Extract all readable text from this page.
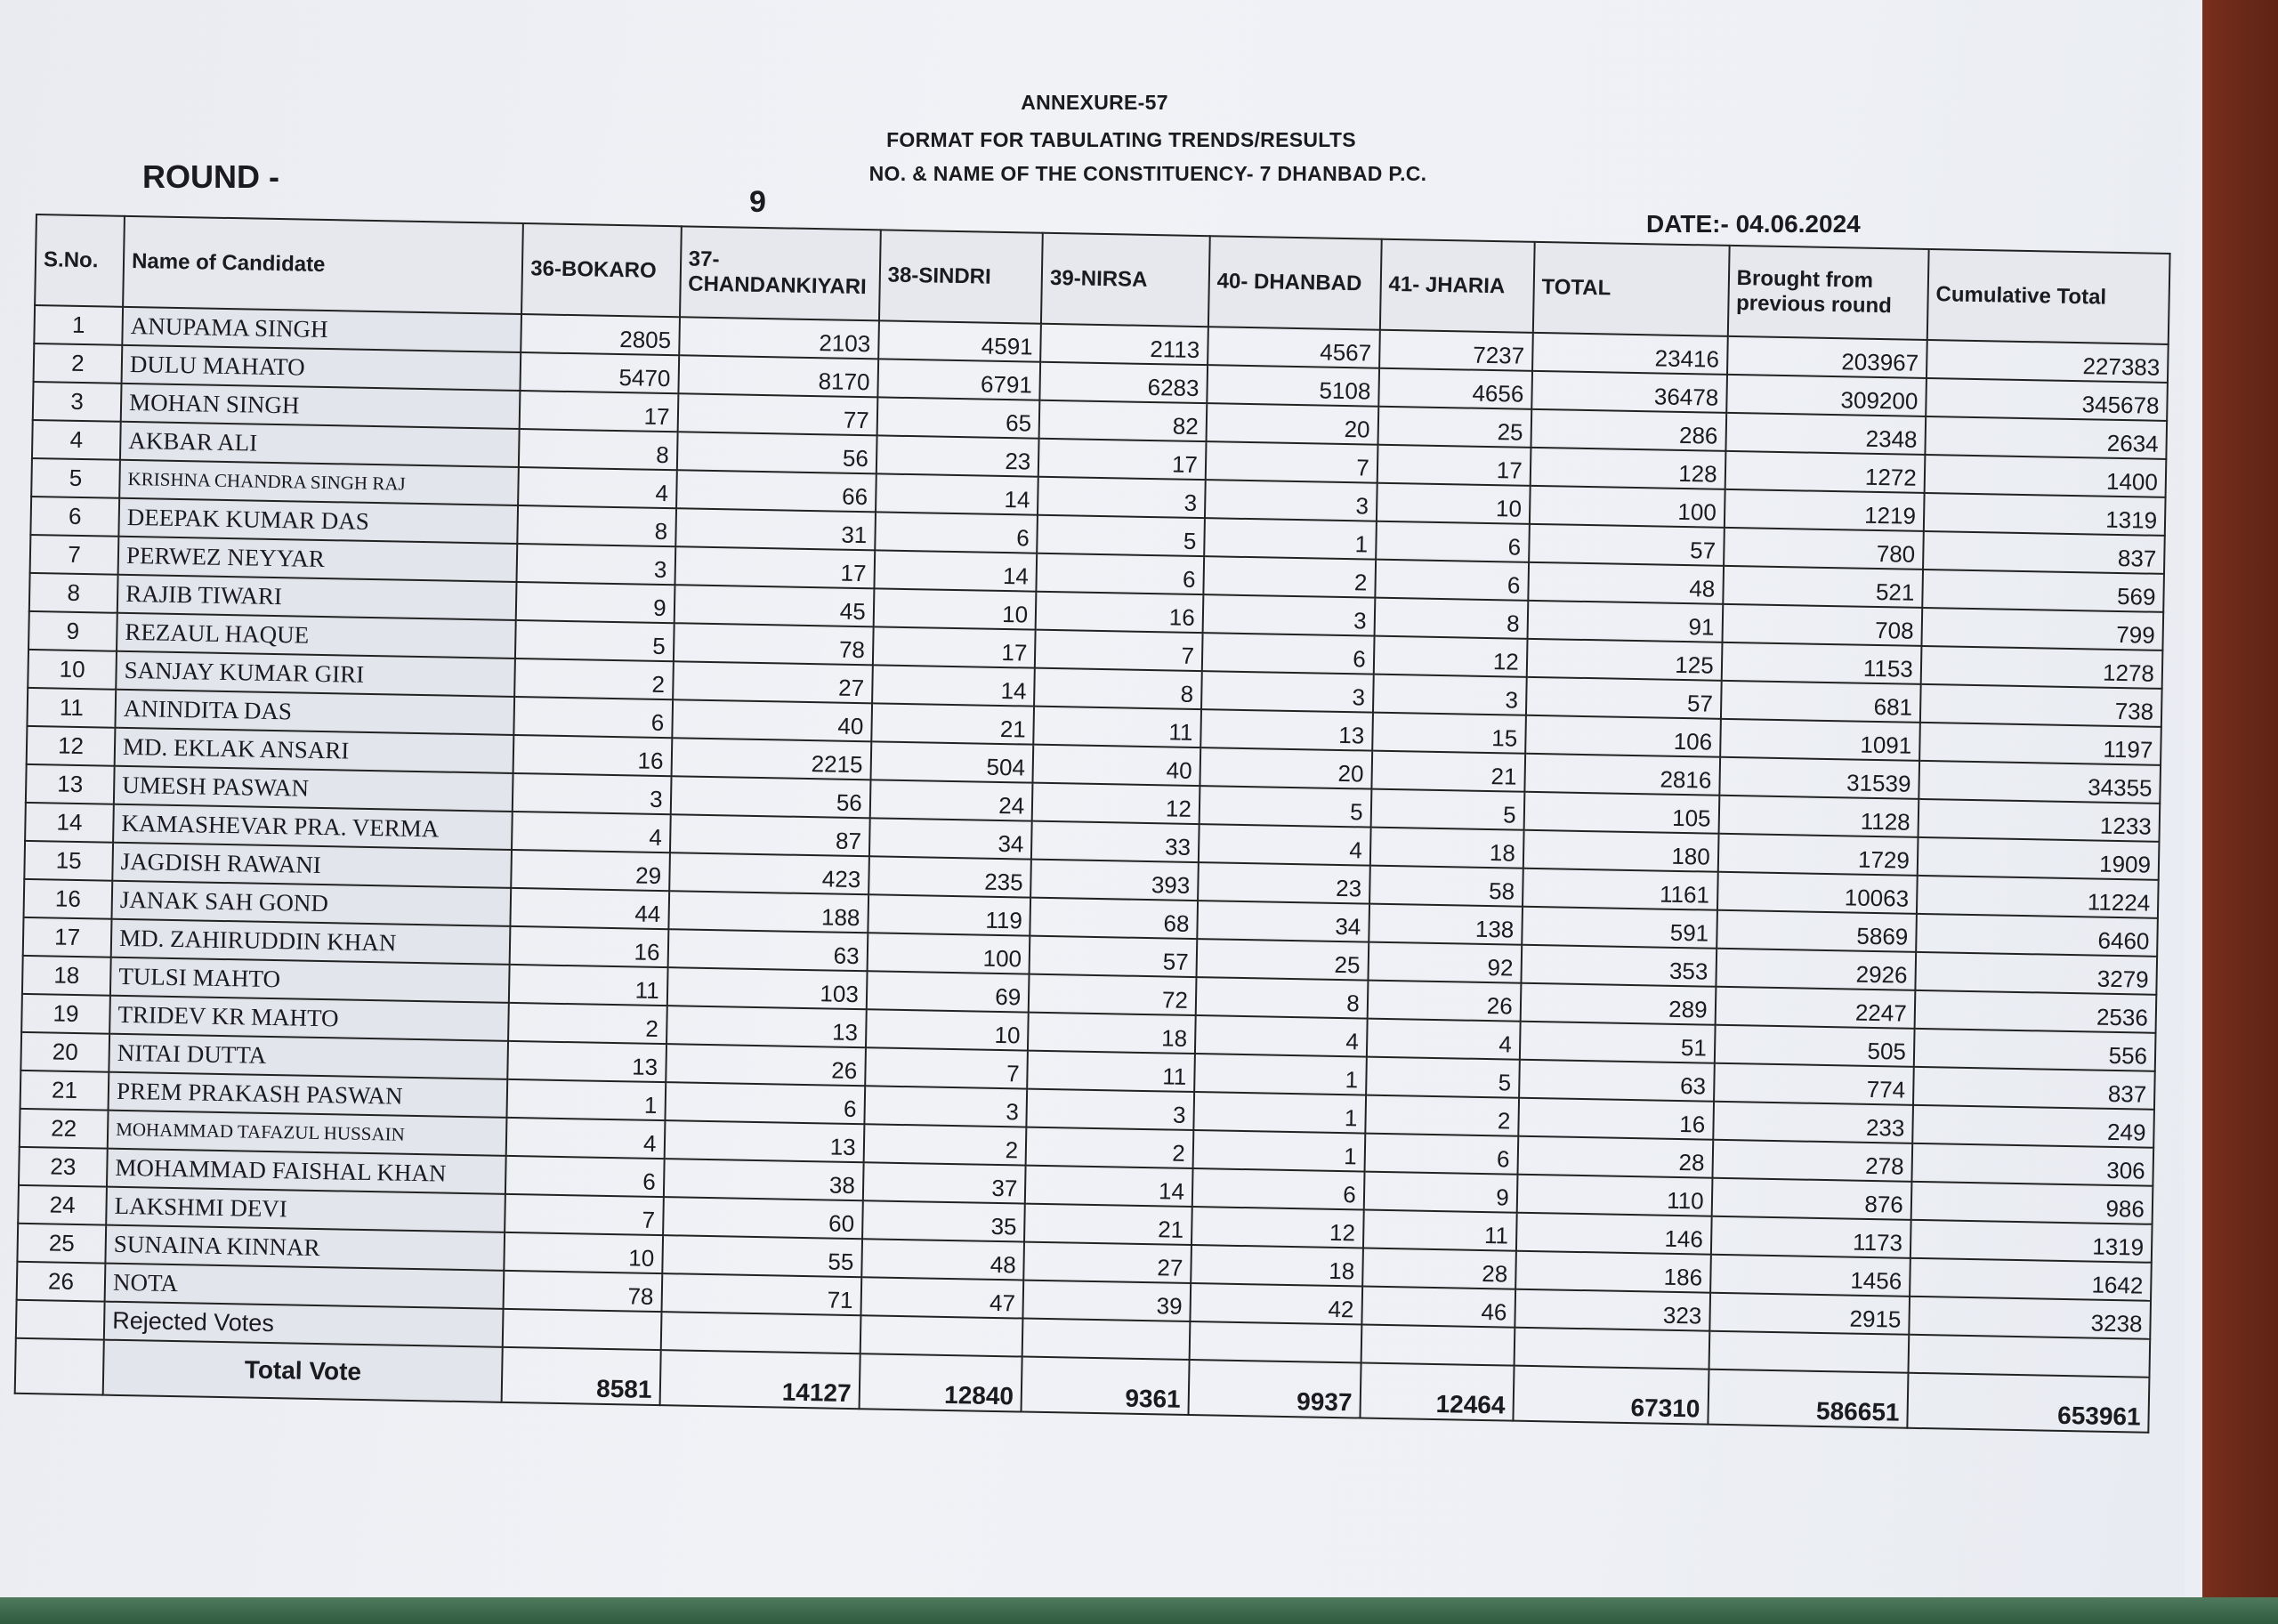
ANNEXURE-57
FORMAT FOR TABULATING TRENDS/RESULTS
NO. & NAME OF THE CONSTITUENCY- 7 DHANBAD P.C.
ROUND -
9
DATE:- 04.06.2024
S.No.	Name of Candidate	36-BOKARO	37-CHANDANKIYARI	38-SINDRI	39-NIRSA	40- DHANBAD	41- JHARIA	TOTAL	Brought from previous round	Cumulative Total
1	ANUPAMA SINGH	2805	2103	4591	2113	4567	7237	23416	203967	227383
2	DULU MAHATO	5470	8170	6791	6283	5108	4656	36478	309200	345678
3	MOHAN SINGH	17	77	65	82	20	25	286	2348	2634
4	AKBAR ALI	8	56	23	17	7	17	128	1272	1400
5	KRISHNA CHANDRA SINGH RAJ	4	66	14	3	3	10	100	1219	1319
6	DEEPAK KUMAR DAS	8	31	6	5	1	6	57	780	837
7	PERWEZ NEYYAR	3	17	14	6	2	6	48	521	569
8	RAJIB TIWARI	9	45	10	16	3	8	91	708	799
9	REZAUL HAQUE	5	78	17	7	6	12	125	1153	1278
10	SANJAY KUMAR GIRI	2	27	14	8	3	3	57	681	738
11	ANINDITA DAS	6	40	21	11	13	15	106	1091	1197
12	MD. EKLAK ANSARI	16	2215	504	40	20	21	2816	31539	34355
13	UMESH PASWAN	3	56	24	12	5	5	105	1128	1233
14	KAMASHEVAR PRA. VERMA	4	87	34	33	4	18	180	1729	1909
15	JAGDISH RAWANI	29	423	235	393	23	58	1161	10063	11224
16	JANAK SAH GOND	44	188	119	68	34	138	591	5869	6460
17	MD. ZAHIRUDDIN KHAN	16	63	100	57	25	92	353	2926	3279
18	TULSI MAHTO	11	103	69	72	8	26	289	2247	2536
19	TRIDEV KR MAHTO	2	13	10	18	4	4	51	505	556
20	NITAI DUTTA	13	26	7	11	1	5	63	774	837
21	PREM PRAKASH PASWAN	1	6	3	3	1	2	16	233	249
22	MOHAMMAD TAFAZUL HUSSAIN	4	13	2	2	1	6	28	278	306
23	MOHAMMAD FAISHAL KHAN	6	38	37	14	6	9	110	876	986
24	LAKSHMI DEVI	7	60	35	21	12	11	146	1173	1319
25	SUNAINA KINNAR	10	55	48	27	18	28	186	1456	1642
26	NOTA	78	71	47	39	42	46	323	2915	3238
	Rejected Votes									
	Total Vote	8581	14127	12840	9361	9937	12464	67310	586651	653961
